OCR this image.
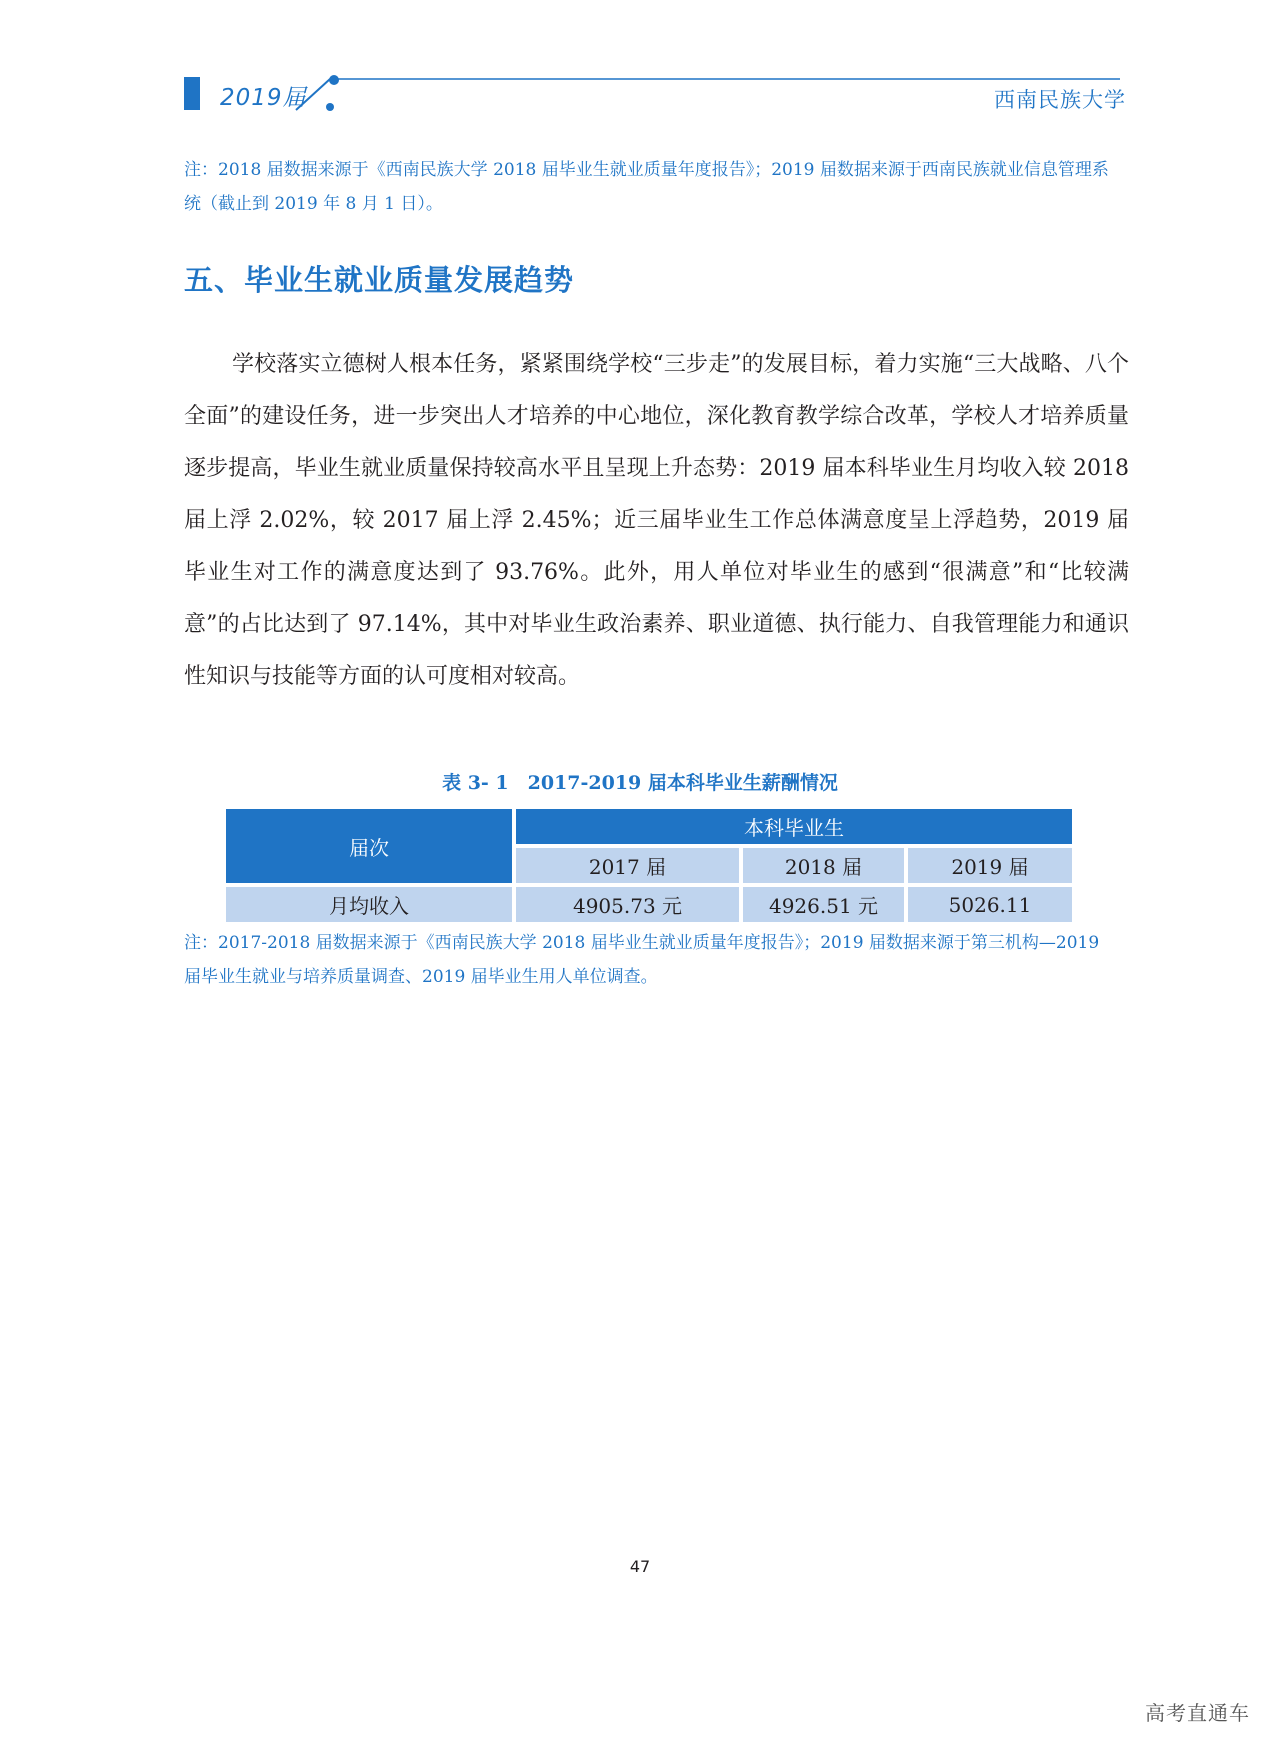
2019届	西南民族大学
注：2018 届数据来源于《西南民族大学 2018 届毕业生就业质量年度报告》；2019 届数据来源于西南民族就业信息管理系统（截止到 2019 年 8 月 1 日）。
五、毕业生就业质量发展趋势
学校落实立德树人根本任务，紧紧围绕学校“三步走”的发展目标，着力实施“三大战略、八个全面”的建设任务，进一步突出人才培养的中心地位，深化教育教学综合改革，学校人才培养质量逐步提高，毕业生就业质量保持较高水平且呈现上升态势：2019 届本科毕业生月均收入较 2018 届上浮 2.02%，较 2017 届上浮 2.45%；近三届毕业生工作总体满意度呈上浮趋势，2019 届毕业生对工作的满意度达到了 93.76%。此外，用人单位对毕业生的感到“很满意”和“比较满意”的占比达到了 97.14%，其中对毕业生政治素养、职业道德、执行能力、自我管理能力和通识性知识与技能等方面的认可度相对较高。
表 3- 1　2017-2019 届本科毕业生薪酬情况
届次	本科毕业生		
	2017 届	2018 届	2019 届
月均收入	4905.73 元	4926.51 元	5026.11
注：2017-2018 届数据来源于《西南民族大学 2018 届毕业生就业质量年度报告》；2019 届数据来源于第三机构—2019 届毕业生就业与培养质量调查、2019 届毕业生用人单位调查。
47
高考直通车
